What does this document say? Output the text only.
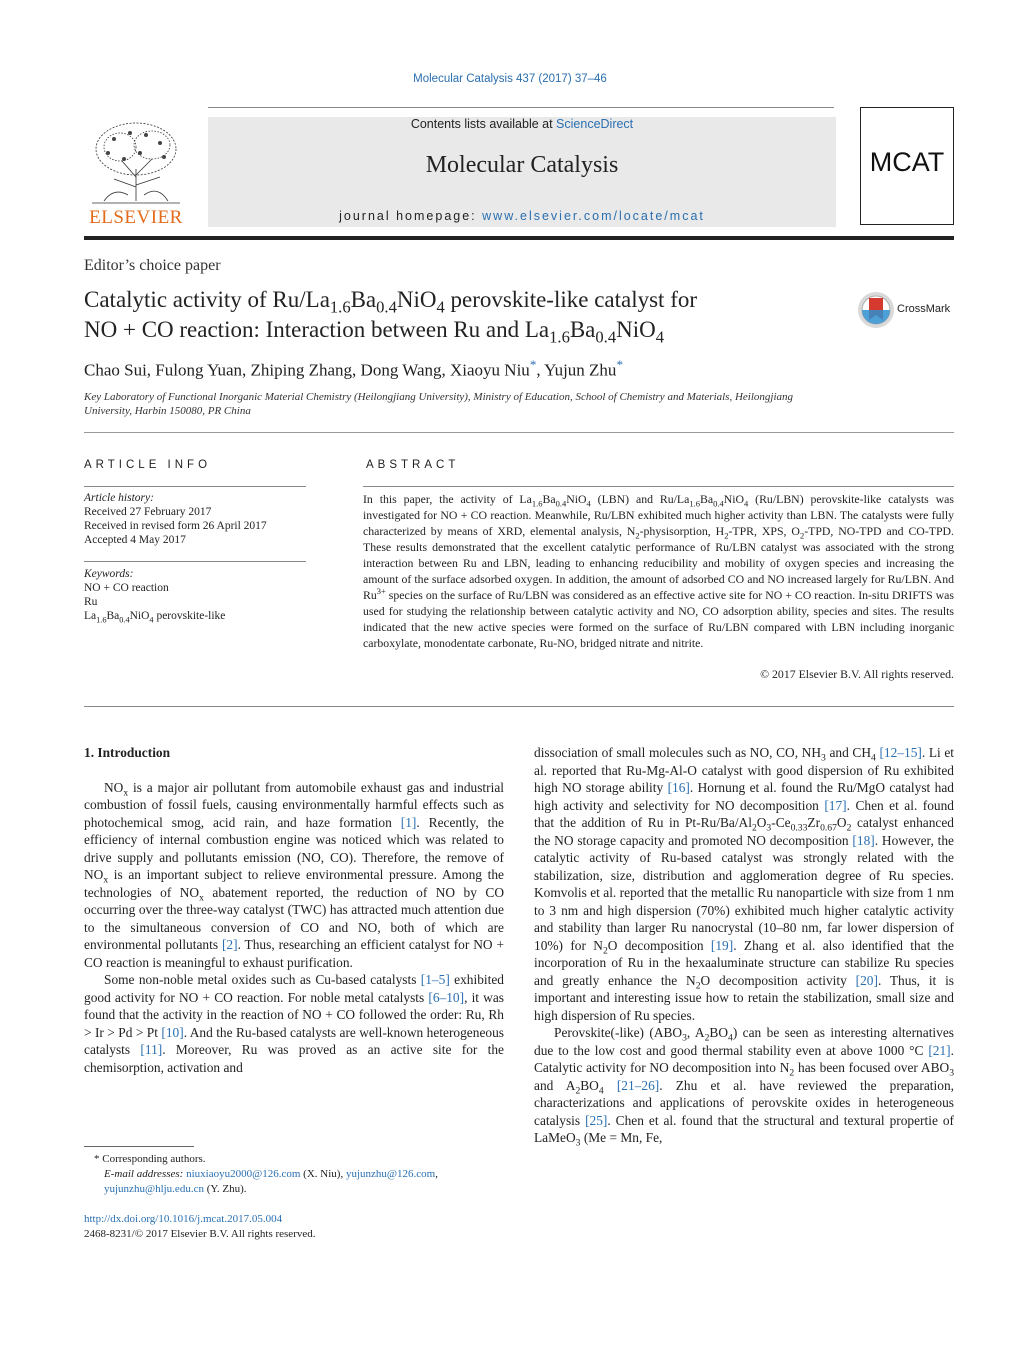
Molecular Catalysis 437 (2017) 37–46
ELSEVIER
Contents lists available at ScienceDirect
Molecular Catalysis
journal homepage: www.elsevier.com/locate/mcat
MCAT
Editor’s choice paper
Catalytic activity of $Ru/La_{1.6}Ba_{0.4}NiO_4$ perovskite-like catalyst for
NO + CO reaction: Interaction between Ru and $La_{1.6}Ba_{0.4}NiO_4$
CrossMark
Chao Sui, Fulong Yuan, Zhiping Zhang, Dong Wang, Xiaoyu Niu*, Yujun Zhu*
Key Laboratory of Functional Inorganic Material Chemistry (Heilongjiang University), Ministry of Education, School of Chemistry and Materials, Heilongjiang University, Harbin 150080, PR China
ARTICLE INFO	ABSTRACT
Article history:
Received 27 February 2017
Received in revised form 26 April 2017
Accepted 4 May 2017
Keywords:
NO + CO reaction
Ru
$La_{1.6}Ba_{0.4}NiO_4$ perovskite-like
In this paper, the activity of $La_{1.6}Ba_{0.4}NiO_4$ (LBN) and $Ru/La_{1.6}Ba_{0.4}NiO_4$ (Ru/LBN) perovskite-like catalysts was investigated for NO + CO reaction. Meanwhile, Ru/LBN exhibited much higher activity than LBN. The catalysts were fully characterized by means of XRD, elemental analysis, $N_2$-physisorption, $H_2$-TPR, XPS, $O_2$-TPD, NO-TPD and CO-TPD. These results demonstrated that the excellent catalytic performance of Ru/LBN catalyst was associated with the strong interaction between Ru and LBN, leading to enhancing reducibility and mobility of oxygen species and increasing the amount of the surface adsorbed oxygen. In addition, the amount of adsorbed CO and NO increased largely for Ru/LBN. And $Ru^{3+}$ species on the surface of Ru/LBN was considered as an effective active site for NO + CO reaction. In-situ DRIFTS was used for studying the relationship between catalytic activity and NO, CO adsorption ability, species and sites. The results indicated that the new active species were formed on the surface of Ru/LBN compared with LBN including inorganic carboxylate, monodentate carbonate, Ru-NO, bridged nitrate and nitrite.
© 2017 Elsevier B.V. All rights reserved.
1. Introduction

$NO_x$ is a major air pollutant from automobile exhaust gas and industrial combustion of fossil fuels, causing environmentally harmful effects such as photochemical smog, acid rain, and haze formation [1]. Recently, the efficiency of internal combustion engine was noticed which was related to drive supply and pollutants emission (NO, CO). Therefore, the remove of $NO_x$ is an important subject to relieve environmental pressure. Among the technologies of $NO_x$ abatement reported, the reduction of NO by CO occurring over the three-way catalyst (TWC) has attracted much attention due to the simultaneous conversion of CO and NO, both of which are environmental pollutants [2]. Thus, researching an efficient catalyst for NO + CO reaction is meaningful to exhaust purification.

Some non-noble metal oxides such as Cu-based catalysts [1–5] exhibited good activity for NO + CO reaction. For noble metal catalysts [6–10], it was found that the activity in the reaction of NO + CO followed the order: Ru, Rh > Ir > Pd > Pt [10]. And the Ru-based catalysts are well-known heterogeneous catalysts [11]. Moreover, Ru was proved as an active site for the chemisorption, activation and

dissociation of small molecules such as NO, CO, $NH_3$ and $CH_4$ [12–15]. Li et al. reported that Ru-Mg-Al-O catalyst with good dispersion of Ru exhibited high NO storage ability [16]. Hornung et al. found the Ru/MgO catalyst had high activity and selectivity for NO decomposition [17]. Chen et al. found that the addition of Ru in $Pt-Ru/Ba/Al_2O_3-Ce_{0.33}Zr_{0.67}O_2$ catalyst enhanced the NO storage capacity and promoted NO decomposition [18]. However, the catalytic activity of Ru-based catalyst was strongly related with the stabilization, size, distribution and agglomeration degree of Ru species. Komvolis et al. reported that the metallic Ru nanoparticle with size from 1 nm to 3 nm and high dispersion (70%) exhibited much higher catalytic activity and stability than larger Ru nanocrystal (10–80 nm, far lower dispersion of 10%) for $N_2O$ decomposition [19]. Zhang et al. also identified that the incorporation of Ru in the hexaaluminate structure can stabilize Ru species and greatly enhance the $N_2O$ decomposition activity [20]. Thus, it is important and interesting issue how to retain the stabilization, small size and high dispersion of Ru species.

Perovskite(-like) ($ABO_3$, $A_2BO_4$) can be seen as interesting alternatives due to the low cost and good thermal stability even at above 1000 °C [21]. Catalytic activity for NO decomposition into $N_2$ has been focused over $ABO_3$ and $A_2BO_4$ [21–26]. Zhu et al. have reviewed the preparation, characterizations and applications of perovskite oxides in heterogeneous catalysis [25]. Chen et al. found that the structural and textural propertie of LaMeO$_3$ (Me = Mn, Fe,

* Corresponding authors.
E-mail addresses: niuxiaoyu2000@126.com (X. Niu), yujunzhu@126.com,
yujunzhu@hlju.edu.cn (Y. Zhu).
http://dx.doi.org/10.1016/j.mcat.2017.05.004
2468-8231/© 2017 Elsevier B.V. All rights reserved.
